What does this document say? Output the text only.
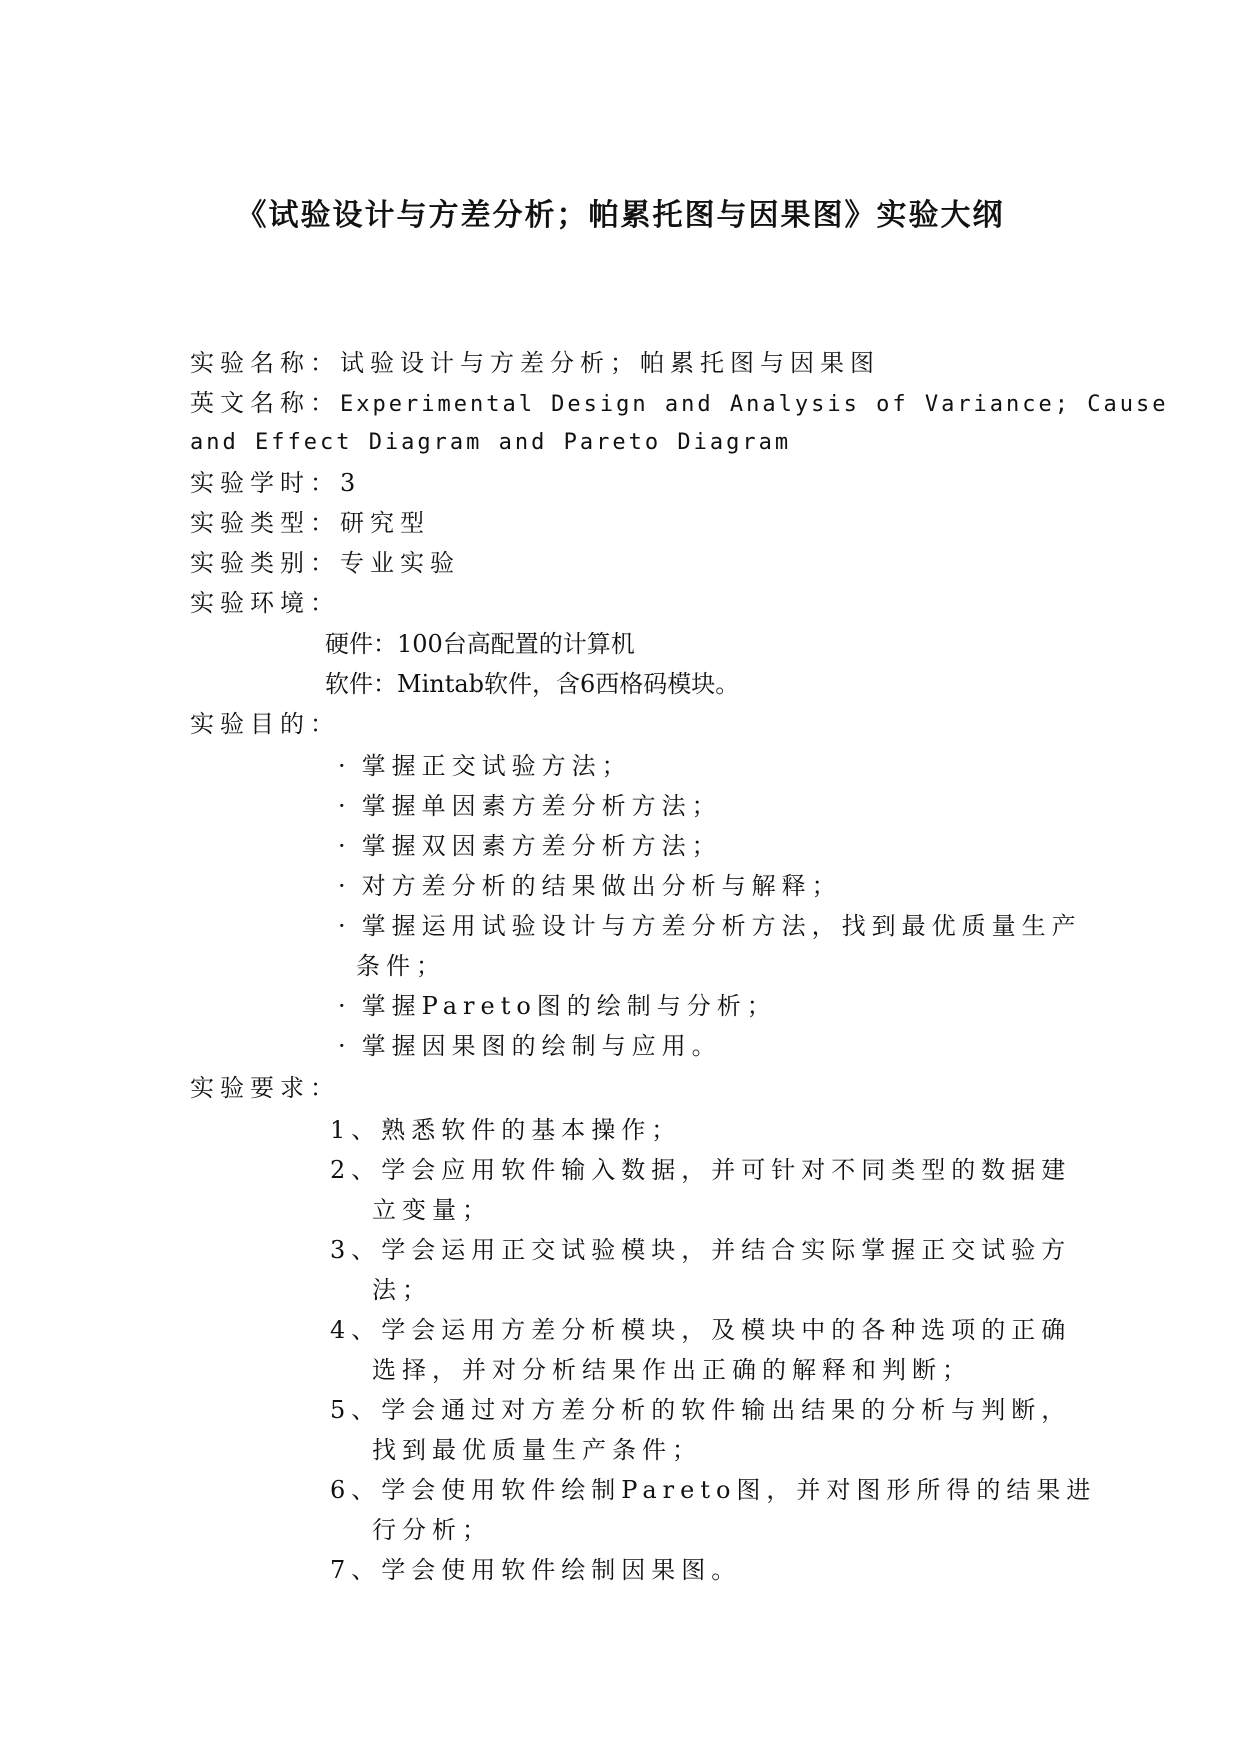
《试验设计与方差分析；帕累托图与因果图》实验大纲
实验名称：试验设计与方差分析；帕累托图与因果图
英文名称：Experimental Design and Analysis of Variance; Cause
and Effect Diagram and Pareto Diagram
实验学时：3
实验类型：研究型
实验类别：专业实验
实验环境：
硬件：100台高配置的计算机
软件：Mintab软件，含6西格码模块。
实验目的：
· 掌握正交试验方法；
· 掌握单因素方差分析方法；
· 掌握双因素方差分析方法；
· 对方差分析的结果做出分析与解释；
· 掌握运用试验设计与方差分析方法，找到最优质量生产
条件；
· 掌握Pareto图的绘制与分析；
· 掌握因果图的绘制与应用。
实验要求：
1、熟悉软件的基本操作；
2、学会应用软件输入数据，并可针对不同类型的数据建
立变量；
3、学会运用正交试验模块，并结合实际掌握正交试验方
法；
4、学会运用方差分析模块，及模块中的各种选项的正确
选择，并对分析结果作出正确的解释和判断；
5、学会通过对方差分析的软件输出结果的分析与判断，
找到最优质量生产条件；
6、学会使用软件绘制Pareto图，并对图形所得的结果进
行分析；
7、学会使用软件绘制因果图。
